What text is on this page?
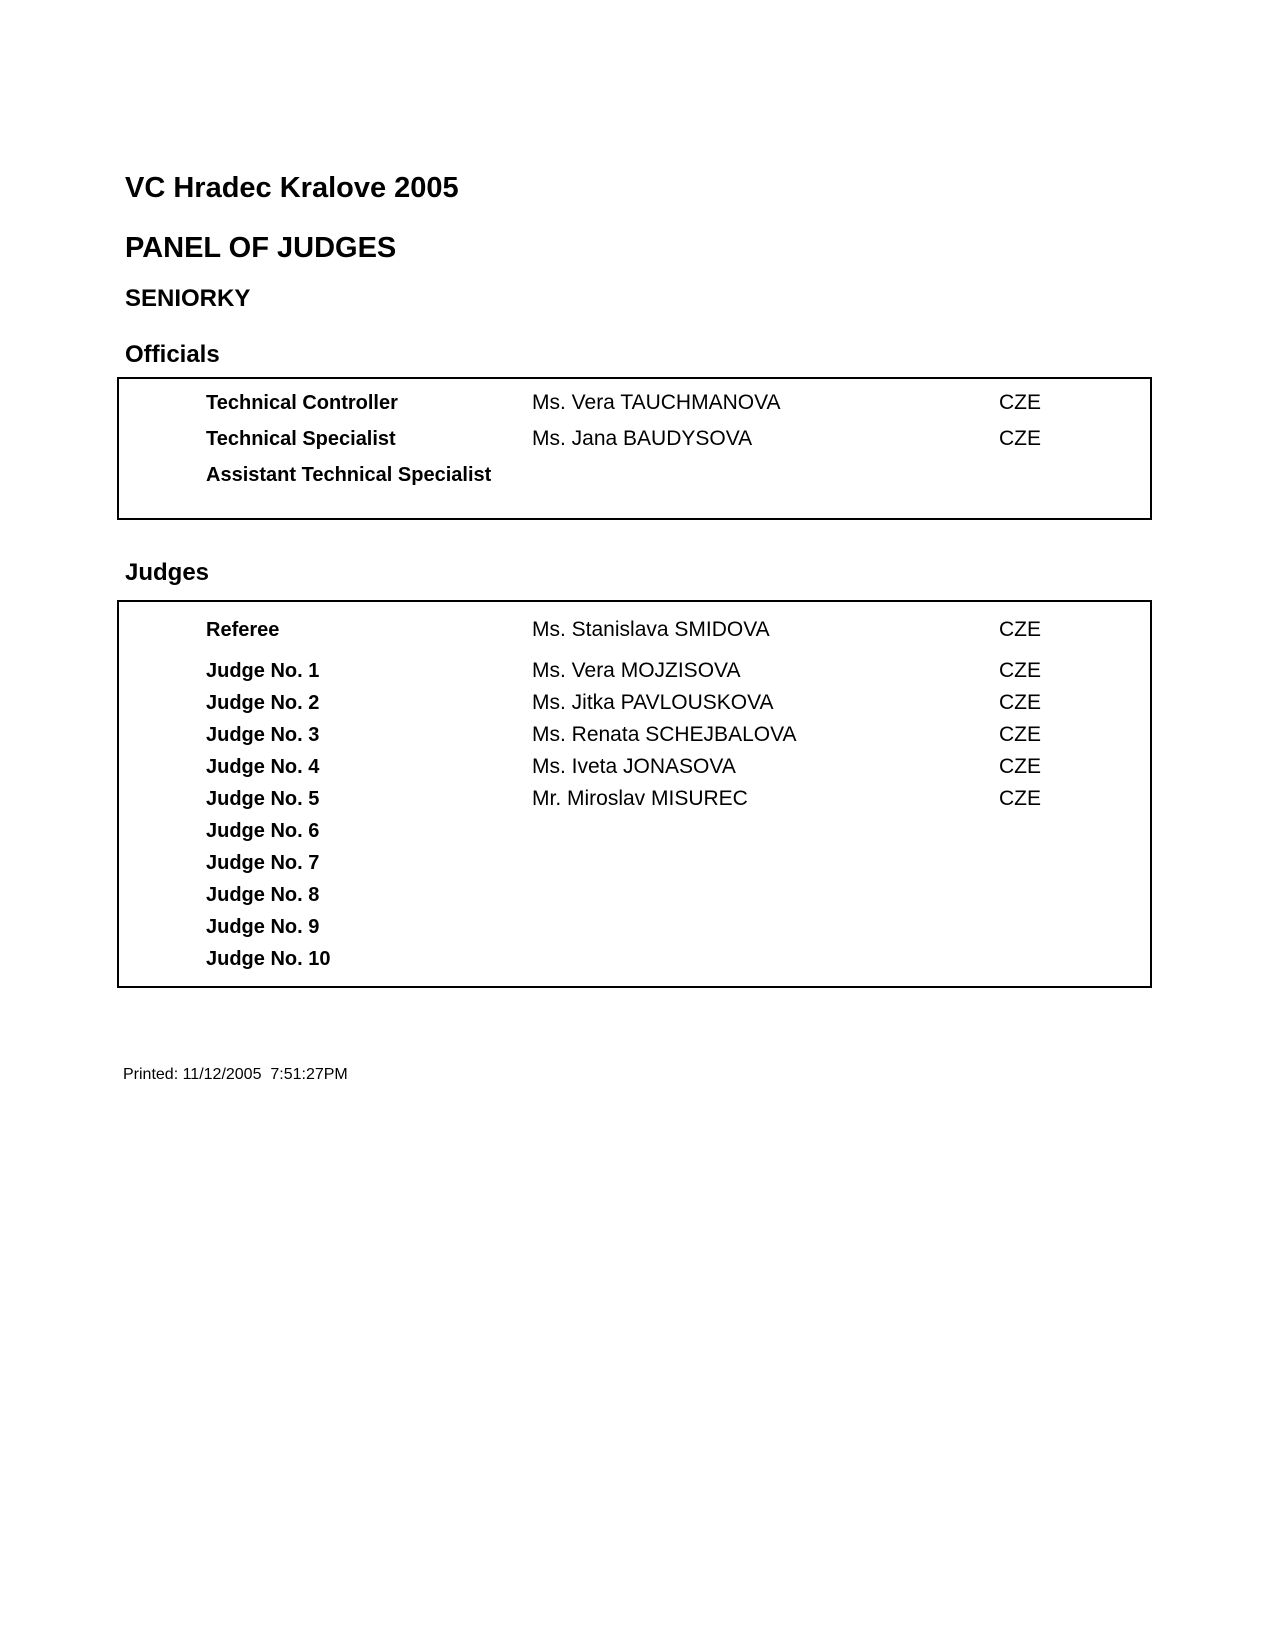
VC Hradec Kralove 2005
PANEL OF JUDGES
SENIORKY
Officials
Technical Controller	Ms. Vera TAUCHMANOVA	CZE
Technical Specialist	Ms. Jana BAUDYSOVA	CZE
Assistant Technical Specialist
Judges
Referee	Ms. Stanislava SMIDOVA	CZE
Judge No. 1	Ms. Vera MOJZISOVA	CZE
Judge No. 2	Ms. Jitka PAVLOUSKOVA	CZE
Judge No. 3	Ms. Renata SCHEJBALOVA	CZE
Judge No. 4	Ms. Iveta JONASOVA	CZE
Judge No. 5	Mr. Miroslav MISUREC	CZE
Judge No. 6
Judge No. 7
Judge No. 8
Judge No. 9
Judge No. 10
Printed: 11/12/2005  7:51:27PM
